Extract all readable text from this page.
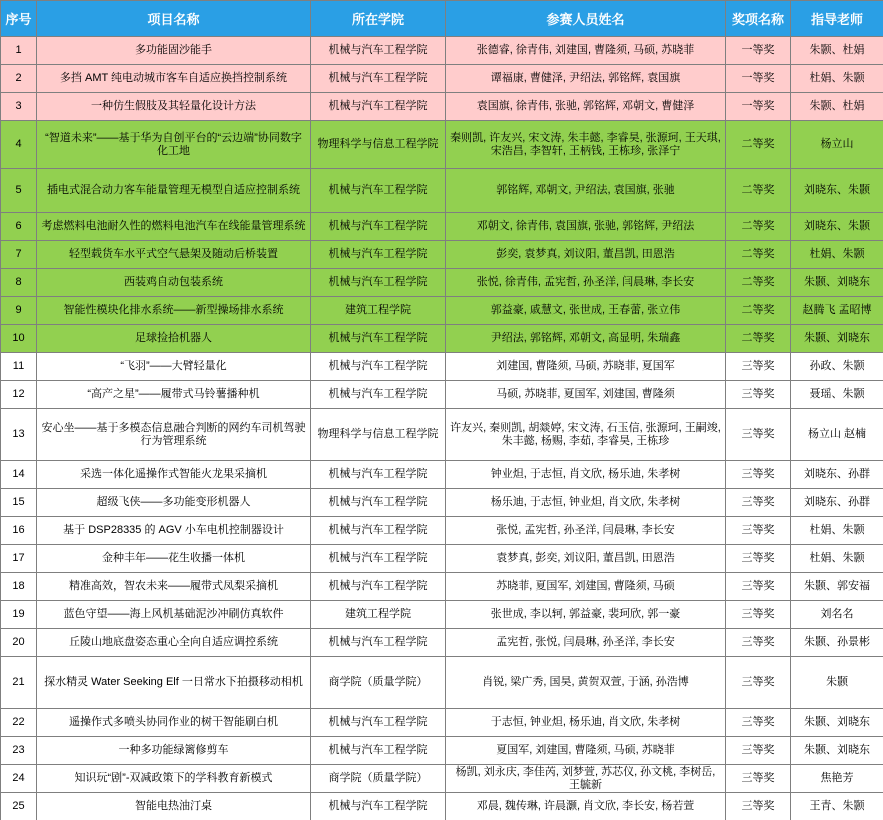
序号	项目名称	所在学院	参赛人员姓名	奖项名称	指导老师
1	多功能固沙能手	机械与汽车工程学院	张德睿, 徐青伟, 刘建国, 曹隆须, 马硕, 苏晓菲	一等奖	朱颢、杜娟
2	多挡 AMT 纯电动城市客车自适应换挡控制系统	机械与汽车工程学院	谭福康, 曹健泽, 尹绍法, 郭铭辉, 袁国旗	一等奖	杜娟、朱颢
3	一种仿生假肢及其轻量化设计方法	机械与汽车工程学院	袁国旗, 徐青伟, 张驰, 郭铭辉, 邓朝文, 曹健泽	一等奖	朱颢、杜娟
4	“智道未来”——基于华为自创平台的“云边端”协同数字化工地	物理科学与信息工程学院	秦则凯, 许友兴, 宋文涛, 朱丰懿, 李睿昊, 张源珂, 王天琪, 宋浩昌, 李智轩, 王柄钱, 王栋珍, 张泽宁	二等奖	杨立山
5	插电式混合动力客车能量管理无模型自适应控制系统	机械与汽车工程学院	郭铭辉, 邓朝文, 尹绍法, 袁国旗, 张驰	二等奖	刘晓东、朱颢
6	考虑燃料电池耐久性的燃料电池汽车在线能量管理系统	机械与汽车工程学院	邓朝文, 徐青伟, 袁国旗, 张驰, 郭铭辉, 尹绍法	二等奖	刘晓东、朱颢
7	轻型载货车水平式空气悬架及随动后桥装置	机械与汽车工程学院	彭奕, 袁梦真, 刘议阳, 董昌凯, 田恩浩	二等奖	杜娟、朱颢
8	西装鸡自动包装系统	机械与汽车工程学院	张悦, 徐青伟, 孟宪哲, 孙圣洋, 闫晨琳, 李长安	二等奖	朱颢、刘晓东
9	智能性模块化排水系统——新型操场排水系统	建筑工程学院	郭益豪, 戚慧文, 张世成, 王春蕾, 张立伟	二等奖	赵腾飞 孟昭博
10	足球捡拾机器人	机械与汽车工程学院	尹绍法, 郭铭辉, 邓朝文, 高显明, 朱瑞鑫	二等奖	朱颢、刘晓东
11	“飞羽”——大臂轻量化	机械与汽车工程学院	刘建国, 曹隆须, 马硕, 苏晓菲, 夏国军	三等奖	孙政、朱颢
12	“高产之星”——履带式马铃薯播种机	机械与汽车工程学院	马硕, 苏晓菲, 夏国军, 刘建国, 曹隆须	三等奖	聂瑶、朱颢
13	安心坐——基于多模态信息融合判断的网约车司机驾驶行为管理系统	物理科学与信息工程学院	许友兴, 秦则凯, 胡燚婷, 宋文涛, 石玉信, 张源珂, 王嗣竣, 朱丰懿, 杨赐, 李茹, 李睿昊, 王栋珍	三等奖	杨立山 赵楠
14	采选一体化遥操作式智能火龙果采摘机	机械与汽车工程学院	钟业炟, 于志恒, 肖文欣, 杨乐迪, 朱孝树	三等奖	刘晓东、孙群
15	超级飞侠——多功能变形机器人	机械与汽车工程学院	杨乐迪, 于志恒, 钟业炟, 肖文欣, 朱孝树	三等奖	刘晓东、孙群
16	基于 DSP28335 的 AGV 小车电机控制器设计	机械与汽车工程学院	张悦, 孟宪哲, 孙圣洋, 闫晨琳, 李长安	三等奖	杜娟、朱颢
17	金种丰年——花生收播一体机	机械与汽车工程学院	袁梦真, 彭奕, 刘议阳, 董昌凯, 田恩浩	三等奖	杜娟、朱颢
18	精准高效，智农未来——履带式凤梨采摘机	机械与汽车工程学院	苏晓菲, 夏国军, 刘建国, 曹隆须, 马硕	三等奖	朱颢、郭安福
19	蓝色守望——海上风机基础泥沙冲刷仿真软件	建筑工程学院	张世成, 李以轲, 郭益豪, 裴珂欣, 郭一豪	三等奖	刘名名
20	丘陵山地底盘姿态重心全向自适应调控系统	机械与汽车工程学院	孟宪哲, 张悦, 闫晨琳, 孙圣洋, 李长安	三等奖	朱颢、孙景彬
21	探水精灵 Water Seeking Elf 一日常水下拍摄移动相机	商学院（质量学院）	肖锐, 梁广秀, 国昊, 黄贺双萱, 于涵, 孙浩博	三等奖	朱颢
22	遥操作式多喷头协同作业的树干智能刷白机	机械与汽车工程学院	于志恒, 钟业炟, 杨乐迪, 肖文欣, 朱孝树	三等奖	朱颢、刘晓东
23	一种多功能绿篱修剪车	机械与汽车工程学院	夏国军, 刘建国, 曹隆须, 马硕, 苏晓菲	三等奖	朱颢、刘晓东
24	知识玩“剧”-双减政策下的学科教育新模式	商学院（质量学院）	杨凯, 刘永庆, 李佳芮, 刘梦萱, 苏芯仪, 孙文桃, 李树岳, 王毓新	三等奖	焦艳芳
25	智能电热油汀桌	机械与汽车工程学院	邓晨, 魏传琳, 许晨灏, 肖文欣, 李长安, 杨若萱	三等奖	王青、朱颢
